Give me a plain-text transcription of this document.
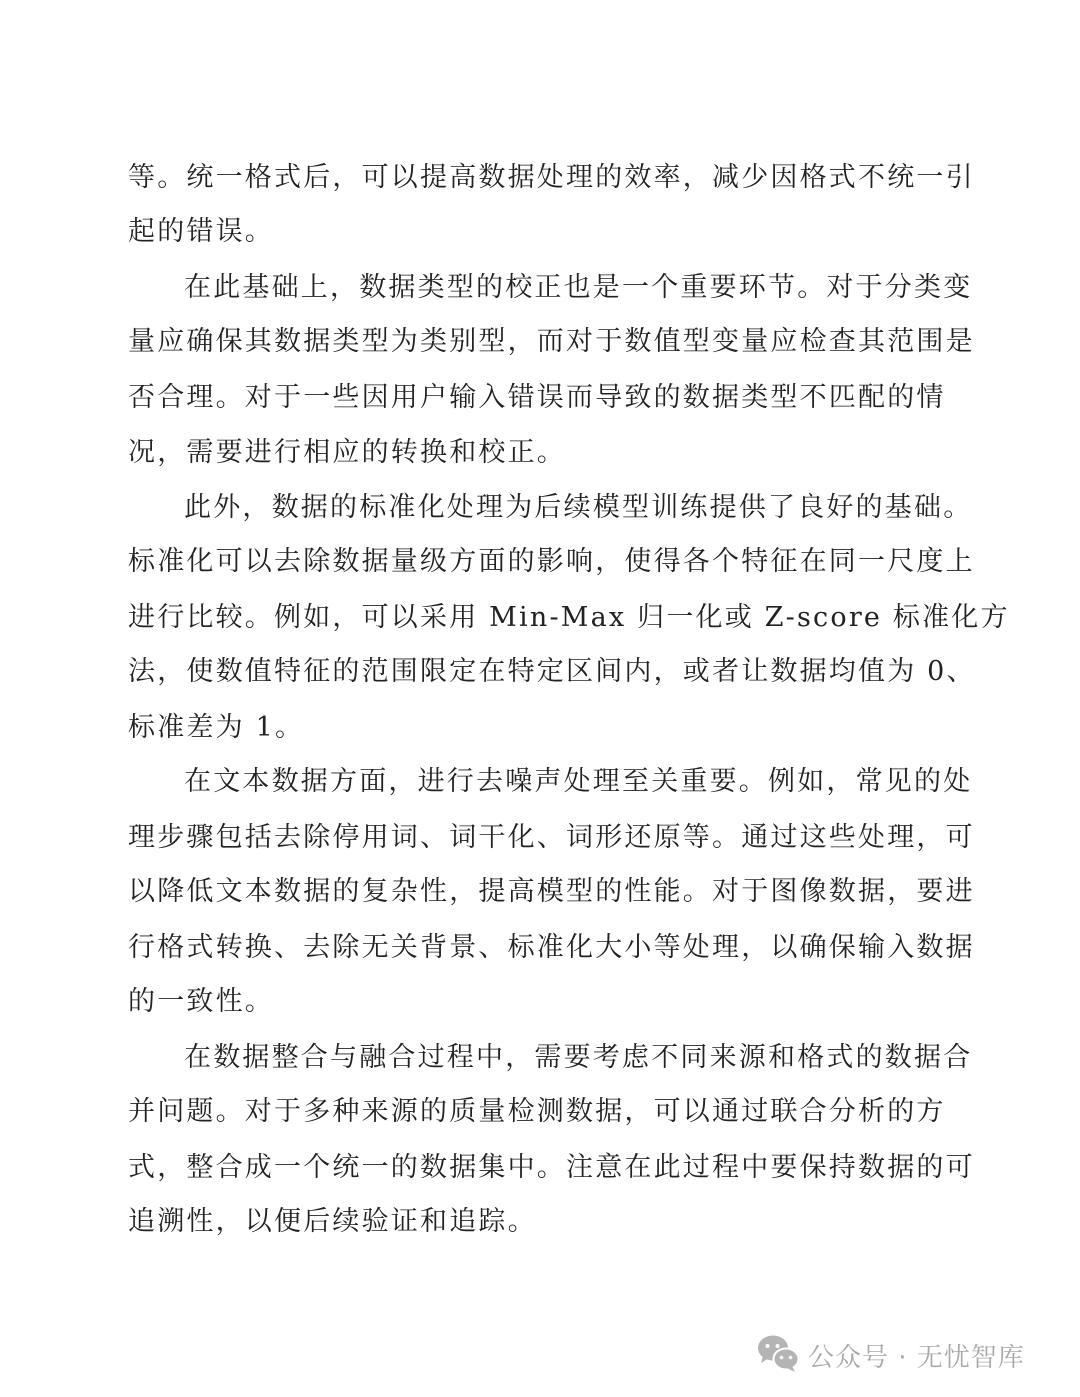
等。统一格式后，可以提高数据处理的效率，减少因格式不统一引
起的错误。
在此基础上，数据类型的校正也是一个重要环节。对于分类变
量应确保其数据类型为类别型，而对于数值型变量应检查其范围是
否合理。对于一些因用户输入错误而导致的数据类型不匹配的情
况，需要进行相应的转换和校正。
此外，数据的标准化处理为后续模型训练提供了良好的基础。
标准化可以去除数据量级方面的影响，使得各个特征在同一尺度上
进行比较。例如，可以采用 Min-Max 归一化或 Z-score 标准化方
法，使数值特征的范围限定在特定区间内，或者让数据均值为 0、
标准差为 1。
在文本数据方面，进行去噪声处理至关重要。例如，常见的处
理步骤包括去除停用词、词干化、词形还原等。通过这些处理，可
以降低文本数据的复杂性，提高模型的性能。对于图像数据，要进
行格式转换、去除无关背景、标准化大小等处理，以确保输入数据
的一致性。
在数据整合与融合过程中，需要考虑不同来源和格式的数据合
并问题。对于多种来源的质量检测数据，可以通过联合分析的方
式，整合成一个统一的数据集中。注意在此过程中要保持数据的可
追溯性，以便后续验证和追踪。
公众号 · 无忧智库
